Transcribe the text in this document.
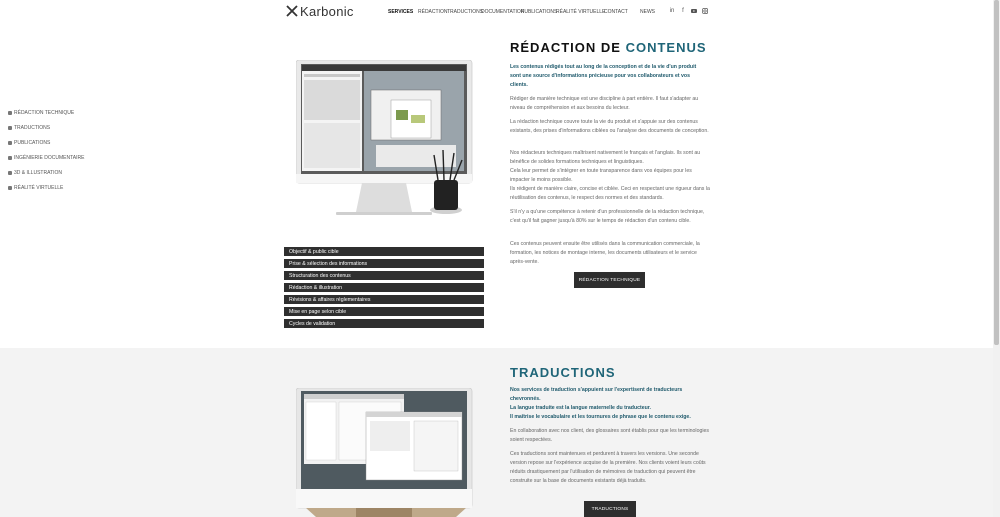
Karbonic	SERVICES RÉDACTION TRADUCTIONS
DOCUMENTATION
PUBLICATIONS
RÉALITÉ VIRTUELLE
CONTACT NEWS in	f
RÉDACTION TECHNIQUE
TRADUCTIONS
PUBLICATIONS
INGÉNIERIE DOCUMENTAIRE
3D & ILLUSTRATION
RÉALITÉ VIRTUELLE
RÉDACTION DE CONTENUS

Les contenus rédigés tout au long de la conception et de la vie d'un produit sont une source d'informations précieuse pour vos collaborateurs et vos clients.

Rédiger de manière technique est une discipline à part entière. Il faut s'adapter au niveau de compréhension et aux besoins du lecteur.

La rédaction technique couvre toute la vie du produit et s'appuie sur des contenus existants, des prises d'informations ciblées ou l'analyse des documents de conception.

Nos rédacteurs techniques maîtrisent nativement le français et l'anglais. Ils sont au bénéfice de solides formations techniques et linguistiques.
Cela leur permet de s'intégrer en toute transparence dans vos équipes pour les impacter le moins possible.
Ils rédigent de manière claire, concise et ciblée. Ceci en respectant une rigueur dans la réutilisation des contenus, le respect des normes et des standards.

S'il n'y a qu'une compétence à retenir d'un professionnelle de la rédaction technique, c'est qu'il fait gagner jusqu'à 80% sur le temps de rédaction d'un contenu cible.

Ces contenus peuvent ensuite être utilisés dans la communication commerciale, la formation, les notices de montage interne, les documents utilisateurs et le service après-vente.

RÉDACTION TECHNIQUE
Objectif & public cible
Prise & sélection des informations
Structuration des contenus
Rédaction & illustration
Révisions & affaires réglementaires
Mise en page selon cible
Cycles de validation
TRADUCTIONS

Nos services de traduction s'appuient sur l'expertisent de traducteurs chevronnés.
La langue traduite est la langue maternelle du traducteur.
Il maîtrise le vocabulaire et les tournures de phrase que le contenu exige.

En collaboration avec nos client, des glossaires sont établis pour que les terminologies soient respectées.

Ces traductions sont maintenues et perdurent à travers les versions. Une seconde version repose sur l'expérience acquise de la première. Nos clients voient leurs coûts réduits drastiquement par l'utilisation de mémoires de traduction qui peuvent être construite sur la base de documents existants déjà traduits.

TRADUCTIONS
